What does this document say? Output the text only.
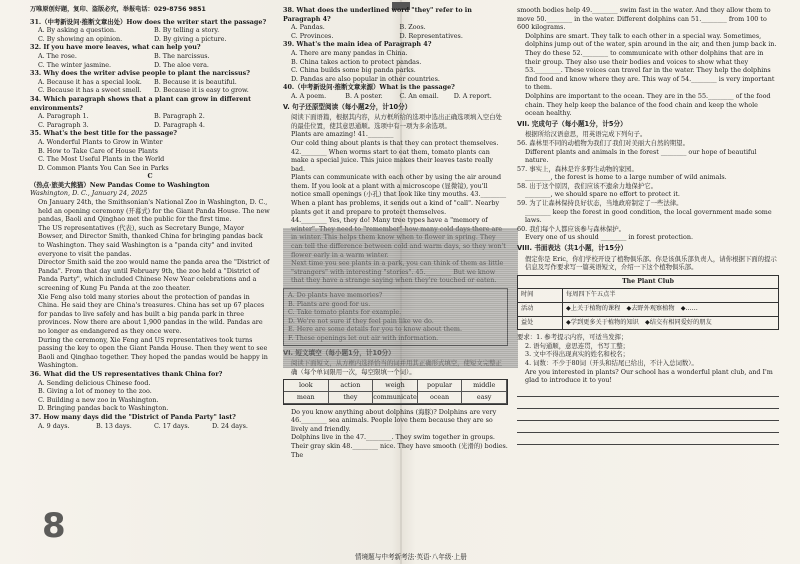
万唯原创好题，复印、盗版必究，举报电话：029-8756 9851

31.（中考新设问·推断文章出处）How does the writer start the passage?

A. By asking a question.	B. By telling a story.
C. By showing an opinion.	D. By giving a picture.

32. If you have more leaves, what can help you?

A. The rose.	B. The narcissus.
C. The winter jasmine.	D. The aloe vera.

33. Why does the writer advise people to plant the narcissus?

A. Because it has a special look.	B. Because it is beautiful.
C. Because it has a sweet smell.	D. Because it is easy to grow.

34. Which paragraph shows that a plant can grow in different environments?

A. Paragraph 1.	B. Paragraph 2.
C. Paragraph 3.	D. Paragraph 4.

35. What's the best title for the passage?

A. Wonderful Plants to Grow in Winter

B. How to Take Care of House Plants

C. The Most Useful Plants in the World

D. Common Plants You Can See in Parks

C

（热点·旅美大熊猫）New Pandas Come to Washington

Washington, D. C., January 24, 2025

On January 24th, the Smithsonian's National Zoo in Washington, D. C., held an opening ceremony (开幕式) for the Giant Panda House. The new pandas, Baoli and Qinghao met the public for the first time.

The US representatives (代表), such as Secretary Bunge, Mayor Bowser, and Director Smith, thanked China for bringing pandas back to Washington. They said Washington is a "panda city" and invited everyone to visit the pandas.

Director Smith said the zoo would name the panda area the "District of Panda". From that day until February 9th, the zoo held a "District of Panda Party", which included Chinese New Year celebrations and a screening of Kung Fu Panda at the zoo theater.

Xie Feng also told many stories about the protection of pandas in China. He said they are China's treasures. China has set up 67 places for pandas to live safely and has built a big panda park in three provinces. Now there are about 1,900 pandas in the wild. Pandas are no longer as endangered as they once were.

During the ceremony, Xie Feng and US representatives took turns passing the key to open the Giant Panda House. Then they went to see Baoli and Qinghao together. They hoped the pandas would be happy in Washington.

36. What did the US representatives thank China for?

A. Sending delicious Chinese food.

B. Giving a lot of money to the zoo.

C. Building a new zoo in Washington.

D. Bringing pandas back to Washington.

37. How many days did the "District of Panda Party" last?

A. 9 days.	B. 13 days.	C. 17 days.	D. 24 days.
8

38. What does the underlined word "they" refer to in Paragraph 4?

A. Pandas.	B. Zoos.
C. Provinces.	D. Representatives.

39. What's the main idea of Paragraph 4?

A. There are many pandas in China.

B. China takes action to protect pandas.

C. China builds some big panda parks.

D. Pandas are also popular in other countries.

40.（中考新设问·推断文章来源）What is the passage?

A. A poem.	B. A poster.	C. An email.	D. A report.

V. 句子还原型阅读（每小题2分，计10分）

阅读下面语篇，根据其内容，从方框所给的选项中选出正确选项填入空白处的最佳位置，使其意思通顺。选项中有一项为多余选项。

Plants are amazing! 41.________

Our cold thing about plants is that they can protect themselves. 42.________ When worms start to eat them, tomato plants can make a special juice. This juice makes their leaves taste really bad.

Plants can communicate with each other by using the air around them. If you look at a plant with a microscope (显微镜), you'll notice small openings (小孔) that look like tiny mouths. 43.________ When a plant has problems, it sends out a kind of "call". Nearby plants get it and prepare to protect themselves.

44.________ Yes, they do! Many tree types have a "memory of

确（每个单词限用一次，每空限填一个词）。

look	action	weigh	popular	middle
mean	they	communicate	ocean	easy

Do you know anything about dolphins (海豚)? Dolphins are very 46.________ sea animals. People love them because they are so lively and friendly.

Dolphins live in the 47.________. They swim together in groups. Their gray skin 48.________ nice. They have smooth (光滑的) bodies. The

smooth bodies help 49.________ swim fast in the water. And they allow them to move 50.________ in the water. Different dolphins can 51.________ from 100 to 600 kilograms.

Dolphins are smart. They talk to each other in a special way. Sometimes, dolphins jump out of the water, spin around in the air, and then jump back in. They do these 52.________ to communicate with other dolphins that are in their group. They also use their bodies and voices to show what they 53.________. These voices can travel far in the water. They help the dolphins find food and know where they are. This way of 54.________ is very important to them.

Dolphins are important to the ocean. They are in the 55.________ of the food chain. They help keep the balance of the food chain and keep the whole ocean healthy.

VII. 完成句子（每小题1分，计5分）

根据所给汉语意思，用英语完成下列句子。

56. 森林里不同的动植物为我们了我们对美丽大自然的期望。

Different plants and animals in the forest ________ our hope of beautiful nature.

57. 事实上，森林是许多野生动物的家园。

________, the forest is home to a large number of wild animals.

58. 出于这个原因，我们应该不遗余力地保护它。

________, we should spare no effort to protect it.

59. 为了让森林保持良好状态，当地政府制定了一些法律。

________ keep the forest in good condition, the local government made some laws.

60. 我们每个人都应该参与森林保护。

Every one of us should ________ in forest protection.

VIII. 书面表达（共1小题，计15分）

假定你是 Eric，你们学校开设了植物俱乐部。你是该俱乐部负责人，请你根据下面的提示信息及写作要求写一篇英语短文，介绍一下这个植物俱乐部。

The Plant Club	
时间	每周四下午五点半
活动	◆上关于植物的课程　◆去野外观察植物　◆……
益处	◆学到更多关于植物的知识　◆结交有相同爱好的朋友

要求：1. 参考提示内容，可适当发挥；

2. 语句通顺，意思连贯，书写工整；

3. 文中不得出现真实的姓名和校名；

4. 词数：不少于80词（开头和结尾已给出，不计入总词数）。

Are you interested in plants? Our school has a wonderful plant club, and I'm glad to introduce it to you!

情境题与中考新考法·英语·八年级·上册
